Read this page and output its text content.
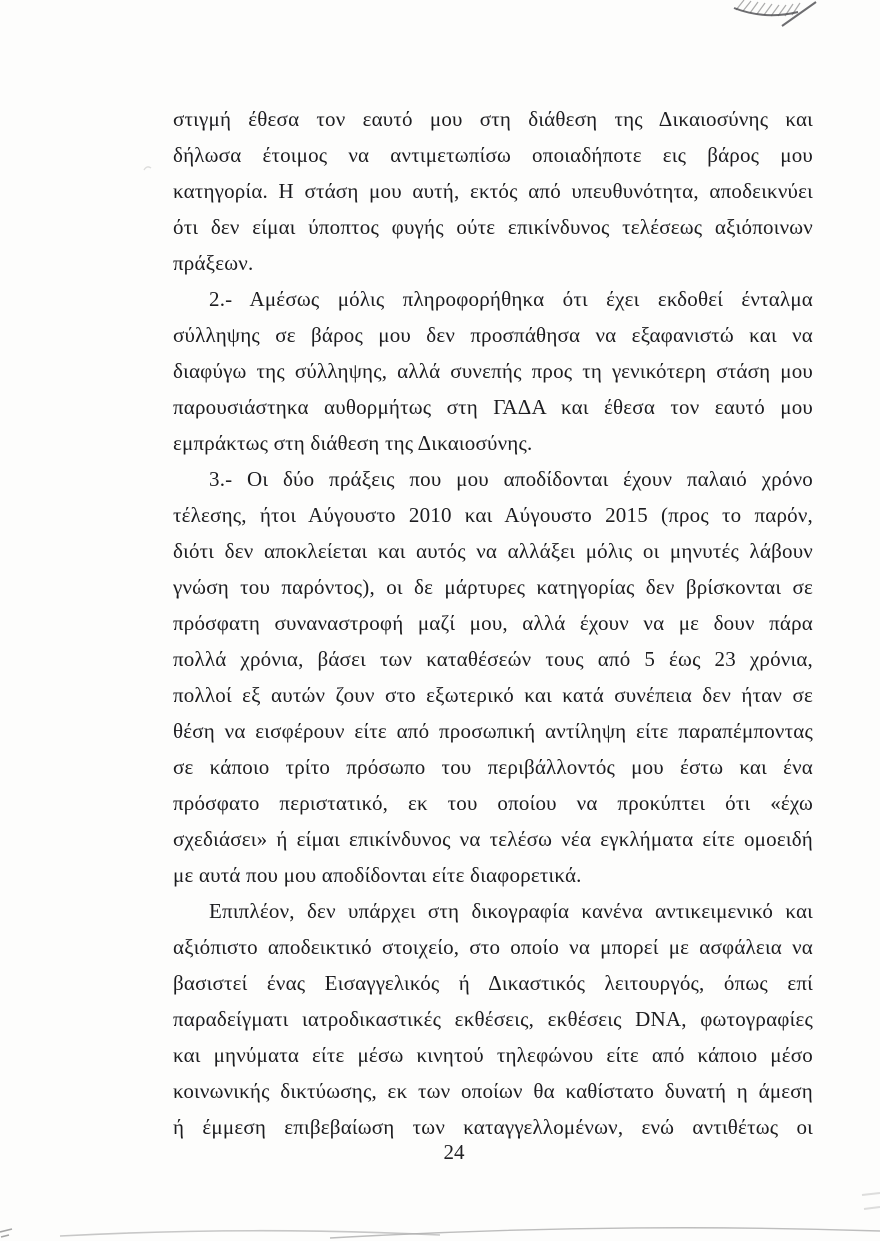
στιγμή έθεσα τον εαυτό μου στη διάθεση της Δικαιοσύνης και
δήλωσα έτοιμος να αντιμετωπίσω οποιαδήποτε εις βάρος μου
κατηγορία. Η στάση μου αυτή, εκτός από υπευθυνότητα, αποδεικνύει
ότι δεν είμαι ύποπτος φυγής ούτε επικίνδυνος τελέσεως αξιόποινων
πράξεων.
2.- Αμέσως μόλις πληροφορήθηκα ότι έχει εκδοθεί ένταλμα
σύλληψης σε βάρος μου δεν προσπάθησα να εξαφανιστώ και να
διαφύγω της σύλληψης, αλλά συνεπής προς τη γενικότερη στάση μου
παρουσιάστηκα αυθορμήτως στη ΓΑΔΑ και έθεσα τον εαυτό μου
εμπράκτως στη διάθεση της Δικαιοσύνης.
3.- Οι δύο πράξεις που μου αποδίδονται έχουν παλαιό χρόνο
τέλεσης, ήτοι Αύγουστο 2010 και Αύγουστο 2015 (προς το παρόν,
διότι δεν αποκλείεται και αυτός να αλλάξει μόλις οι μηνυτές λάβουν
γνώση του παρόντος), οι δε μάρτυρες κατηγορίας δεν βρίσκονται σε
πρόσφατη συναναστροφή μαζί μου, αλλά έχουν να με δουν πάρα
πολλά χρόνια, βάσει των καταθέσεών τους από 5 έως 23 χρόνια,
πολλοί εξ αυτών ζουν στο εξωτερικό και κατά συνέπεια δεν ήταν σε
θέση να εισφέρουν είτε από προσωπική αντίληψη είτε παραπέμποντας
σε κάποιο τρίτο πρόσωπο του περιβάλλοντός μου έστω και ένα
πρόσφατο περιστατικό, εκ του οποίου να προκύπτει ότι «έχω
σχεδιάσει» ή είμαι επικίνδυνος να τελέσω νέα εγκλήματα είτε ομοειδή
με αυτά που μου αποδίδονται είτε διαφορετικά.
Επιπλέον, δεν υπάρχει στη δικογραφία κανένα αντικειμενικό και
αξιόπιστο αποδεικτικό στοιχείο, στο οποίο να μπορεί με ασφάλεια να
βασιστεί ένας Εισαγγελικός ή Δικαστικός λειτουργός, όπως επί
παραδείγματι ιατροδικαστικές εκθέσεις, εκθέσεις DNA, φωτογραφίες
και μηνύματα είτε μέσω κινητού τηλεφώνου είτε από κάποιο μέσο
κοινωνικής δικτύωσης, εκ των οποίων θα καθίστατο δυνατή η άμεση
ή έμμεση επιβεβαίωση των καταγγελλομένων, ενώ αντιθέτως οι
24
